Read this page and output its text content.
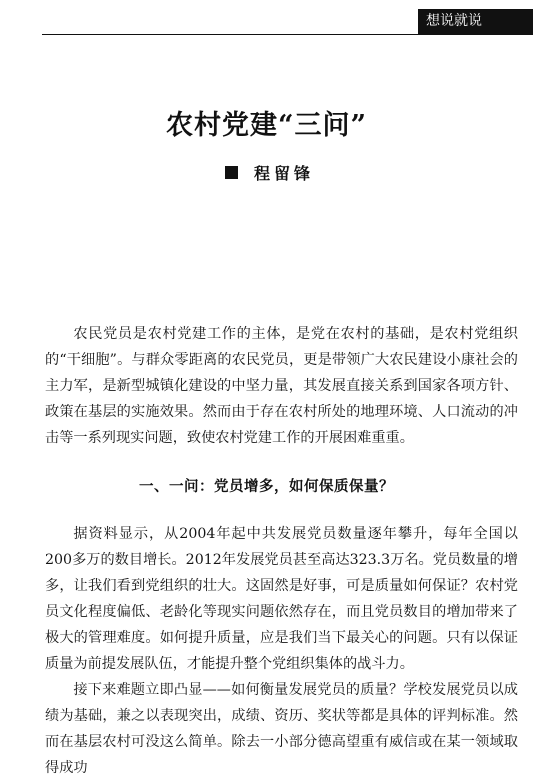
想说就说
农村党建“三问”
程留锋

农民党员是农村党建工作的主体，是党在农村的基础，是农村党组织的“干细胞”。与群众零距离的农民党员，更是带领广大农民建设小康社会的主力军，是新型城镇化建设的中坚力量，其发展直接关系到国家各项方针、政策在基层的实施效果。然而由于存在农村所处的地理环境、人口流动的冲击等一系列现实问题，致使农村党建工作的开展困难重重。

一、一问：党员增多，如何保质保量？

据资料显示，从2004年起中共发展党员数量逐年攀升，每年全国以200多万的数目增长。2012年发展党员甚至高达323.3万名。党员数量的增多，让我们看到党组织的壮大。这固然是好事，可是质量如何保证？农村党员文化程度偏低、老龄化等现实问题依然存在，而且党员数目的增加带来了极大的管理难度。如何提升质量，应是我们当下最关心的问题。只有以保证质量为前提发展队伍，才能提升整个党组织集体的战斗力。

接下来难题立即凸显——如何衡量发展党员的质量？学校发展党员以成绩为基础，兼之以表现突出，成绩、资历、奖状等都是具体的评判标准。然而在基层农村可没这么简单。除去一小部分德高望重有威信或在某一领域取得成功
